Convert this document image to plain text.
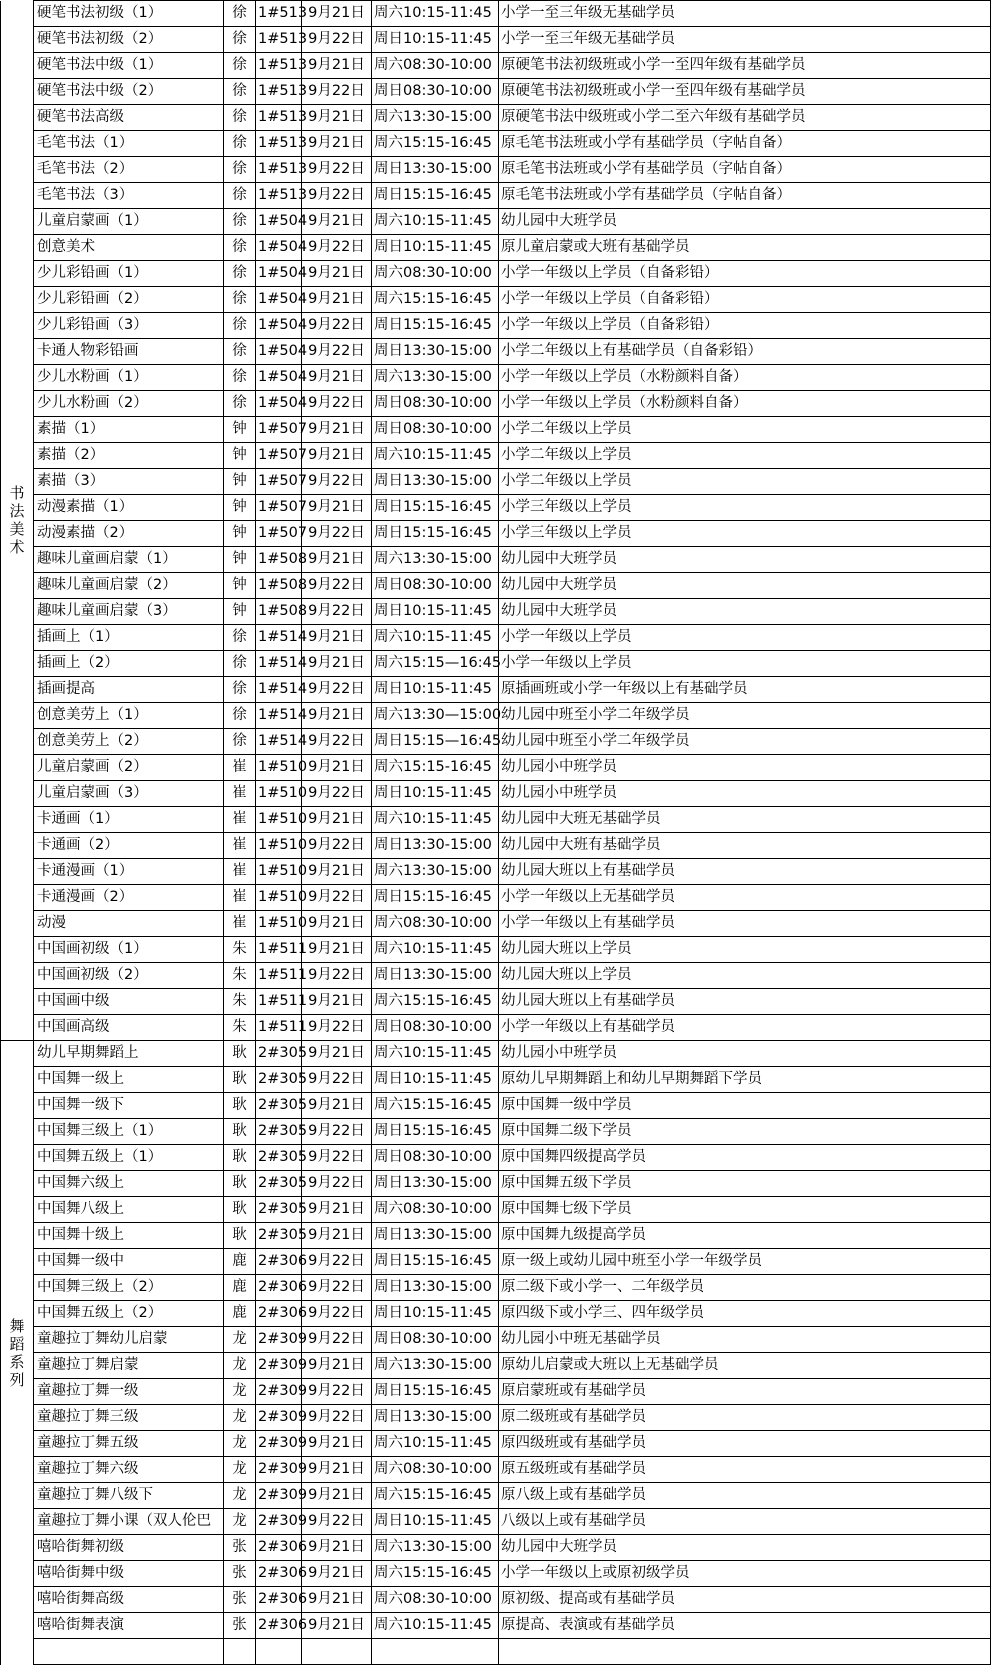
书法美术	硬笔书法初级（1）	徐	1#513	9月21日	周六10:15-11:45	小学一至三年级无基础学员
	硬笔书法初级（2）	徐	1#513	9月22日	周日10:15-11:45	小学一至三年级无基础学员
	硬笔书法中级（1）	徐	1#513	9月21日	周六08:30-10:00	原硬笔书法初级班或小学一至四年级有基础学员
	硬笔书法中级（2）	徐	1#513	9月22日	周日08:30-10:00	原硬笔书法初级班或小学一至四年级有基础学员
	硬笔书法高级	徐	1#513	9月21日	周六13:30-15:00	原硬笔书法中级班或小学二至六年级有基础学员
	毛笔书法（1）	徐	1#513	9月21日	周六15:15-16:45	原毛笔书法班或小学有基础学员（字帖自备）
	毛笔书法（2）	徐	1#513	9月22日	周日13:30-15:00	原毛笔书法班或小学有基础学员（字帖自备）
	毛笔书法（3）	徐	1#513	9月22日	周日15:15-16:45	原毛笔书法班或小学有基础学员（字帖自备）
	儿童启蒙画（1）	徐	1#504	9月21日	周六10:15-11:45	幼儿园中大班学员
	创意美术	徐	1#504	9月22日	周日10:15-11:45	原儿童启蒙或大班有基础学员
	少儿彩铅画（1）	徐	1#504	9月21日	周六08:30-10:00	小学一年级以上学员（自备彩铅）
	少儿彩铅画（2）	徐	1#504	9月21日	周六15:15-16:45	小学一年级以上学员（自备彩铅）
	少儿彩铅画（3）	徐	1#504	9月22日	周日15:15-16:45	小学一年级以上学员（自备彩铅）
	卡通人物彩铅画	徐	1#504	9月22日	周日13:30-15:00	小学二年级以上有基础学员（自备彩铅）
	少儿水粉画（1）	徐	1#504	9月21日	周六13:30-15:00	小学一年级以上学员（水粉颜料自备）
	少儿水粉画（2）	徐	1#504	9月22日	周日08:30-10:00	小学一年级以上学员（水粉颜料自备）
	素描（1）	钟	1#507	9月21日	周日08:30-10:00	小学二年级以上学员
	素描（2）	钟	1#507	9月21日	周六10:15-11:45	小学二年级以上学员
	素描（3）	钟	1#507	9月22日	周日13:30-15:00	小学二年级以上学员
	动漫素描（1）	钟	1#507	9月21日	周日15:15-16:45	小学三年级以上学员
	动漫素描（2）	钟	1#507	9月22日	周日15:15-16:45	小学三年级以上学员
	趣味儿童画启蒙（1）	钟	1#508	9月21日	周六13:30-15:00	幼儿园中大班学员
	趣味儿童画启蒙（2）	钟	1#508	9月22日	周日08:30-10:00	幼儿园中大班学员
	趣味儿童画启蒙（3）	钟	1#508	9月22日	周日10:15-11:45	幼儿园中大班学员
	插画上（1）	徐	1#514	9月21日	周六10:15-11:45	小学一年级以上学员
	插画上（2）	徐	1#514	9月21日	周六15:15—16:45	小学一年级以上学员
	插画提高	徐	1#514	9月22日	周日10:15-11:45	原插画班或小学一年级以上有基础学员
	创意美劳上（1）	徐	1#514	9月21日	周六13:30—15:00	幼儿园中班至小学二年级学员
	创意美劳上（2）	徐	1#514	9月22日	周日15:15—16:45	幼儿园中班至小学二年级学员
	儿童启蒙画（2）	崔	1#510	9月21日	周六15:15-16:45	幼儿园小中班学员
	儿童启蒙画（3）	崔	1#510	9月22日	周日10:15-11:45	幼儿园小中班学员
	卡通画（1）	崔	1#510	9月21日	周六10:15-11:45	幼儿园中大班无基础学员
	卡通画（2）	崔	1#510	9月22日	周日13:30-15:00	幼儿园中大班有基础学员
	卡通漫画（1）	崔	1#510	9月21日	周六13:30-15:00	幼儿园大班以上有基础学员
	卡通漫画（2）	崔	1#510	9月22日	周日15:15-16:45	小学一年级以上无基础学员
	动漫	崔	1#510	9月21日	周六08:30-10:00	小学一年级以上有基础学员
	中国画初级（1）	朱	1#511	9月21日	周六10:15-11:45	幼儿园大班以上学员
	中国画初级（2）	朱	1#511	9月22日	周日13:30-15:00	幼儿园大班以上学员
	中国画中级	朱	1#511	9月21日	周六15:15-16:45	幼儿园大班以上有基础学员
	中国画高级	朱	1#511	9月22日	周日08:30-10:00	小学一年级以上有基础学员
舞蹈系列	幼儿早期舞蹈上	耿	2#305	9月21日	周六10:15-11:45	幼儿园小中班学员
	中国舞一级上	耿	2#305	9月22日	周日10:15-11:45	原幼儿早期舞蹈上和幼儿早期舞蹈下学员
	中国舞一级下	耿	2#305	9月21日	周六15:15-16:45	原中国舞一级中学员
	中国舞三级上（1）	耿	2#305	9月22日	周日15:15-16:45	原中国舞二级下学员
	中国舞五级上（1）	耿	2#305	9月22日	周日08:30-10:00	原中国舞四级提高学员
	中国舞六级上	耿	2#305	9月22日	周日13:30-15:00	原中国舞五级下学员
	中国舞八级上	耿	2#305	9月21日	周六08:30-10:00	原中国舞七级下学员
	中国舞十级上	耿	2#305	9月21日	周日13:30-15:00	原中国舞九级提高学员
	中国舞一级中	鹿	2#306	9月22日	周日15:15-16:45	原一级上或幼儿园中班至小学一年级学员
	中国舞三级上（2）	鹿	2#306	9月22日	周日13:30-15:00	原二级下或小学一、二年级学员
	中国舞五级上（2）	鹿	2#306	9月22日	周日10:15-11:45	原四级下或小学三、四年级学员
	童趣拉丁舞幼儿启蒙	龙	2#309	9月22日	周日08:30-10:00	幼儿园小中班无基础学员
	童趣拉丁舞启蒙	龙	2#309	9月21日	周六13:30-15:00	原幼儿启蒙或大班以上无基础学员
	童趣拉丁舞一级	龙	2#309	9月22日	周日15:15-16:45	原启蒙班或有基础学员
	童趣拉丁舞三级	龙	2#309	9月22日	周日13:30-15:00	原二级班或有基础学员
	童趣拉丁舞五级	龙	2#309	9月21日	周六10:15-11:45	原四级班或有基础学员
	童趣拉丁舞六级	龙	2#309	9月21日	周六08:30-10:00	原五级班或有基础学员
	童趣拉丁舞八级下	龙	2#309	9月21日	周六15:15-16:45	原八级上或有基础学员
	童趣拉丁舞小课（双人伦巴	龙	2#309	9月22日	周日10:15-11:45	八级以上或有基础学员
	嘻哈街舞初级	张	2#306	9月21日	周六13:30-15:00	幼儿园中大班学员
	嘻哈街舞中级	张	2#306	9月21日	周六15:15-16:45	小学一年级以上或原初级学员
	嘻哈街舞高级	张	2#306	9月21日	周六08:30-10:00	原初级、提高或有基础学员
	嘻哈街舞表演	张	2#306	9月21日	周六10:15-11:45	原提高、表演或有基础学员
